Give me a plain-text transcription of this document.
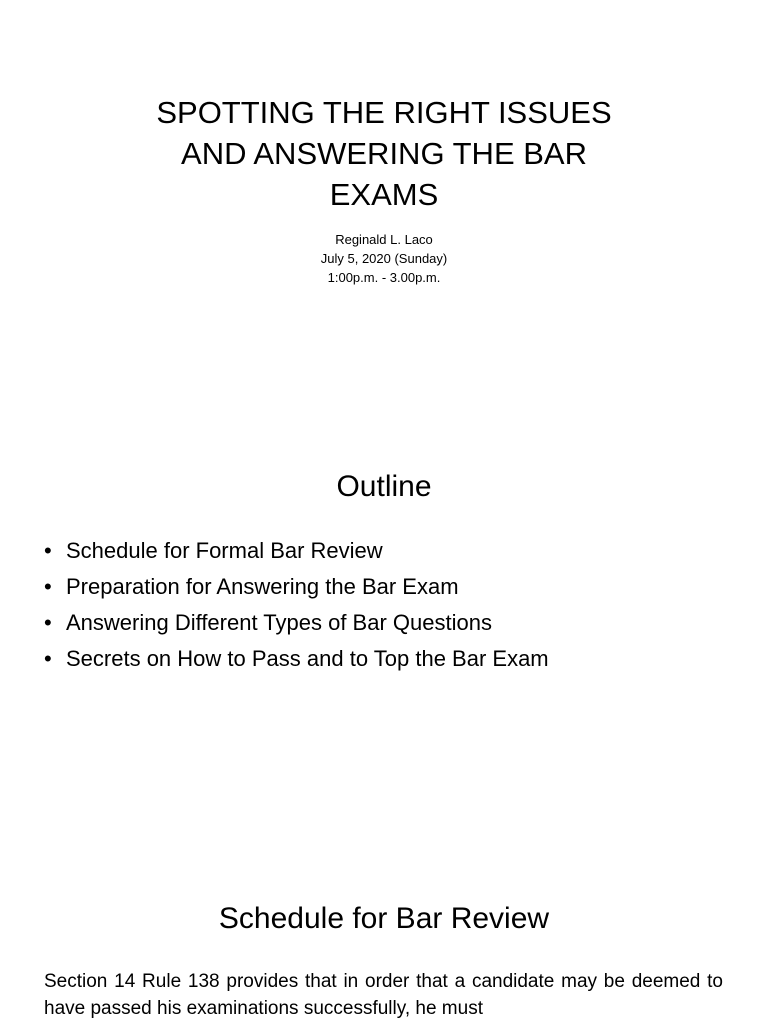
SPOTTING THE RIGHT ISSUES
AND ANSWERING THE BAR
EXAMS
Reginald L. Laco
July 5, 2020 (Sunday)
1:00p.m. - 3.00p.m.
Outline
• Schedule for Formal Bar Review
• Preparation for Answering the Bar Exam
• Answering Different Types of Bar Questions
• Secrets on How to Pass and to Top the Bar Exam
Schedule for Bar Review

Section 14 Rule 138 provides that in order that a candidate may be deemed to have passed his examinations successfully, he must
